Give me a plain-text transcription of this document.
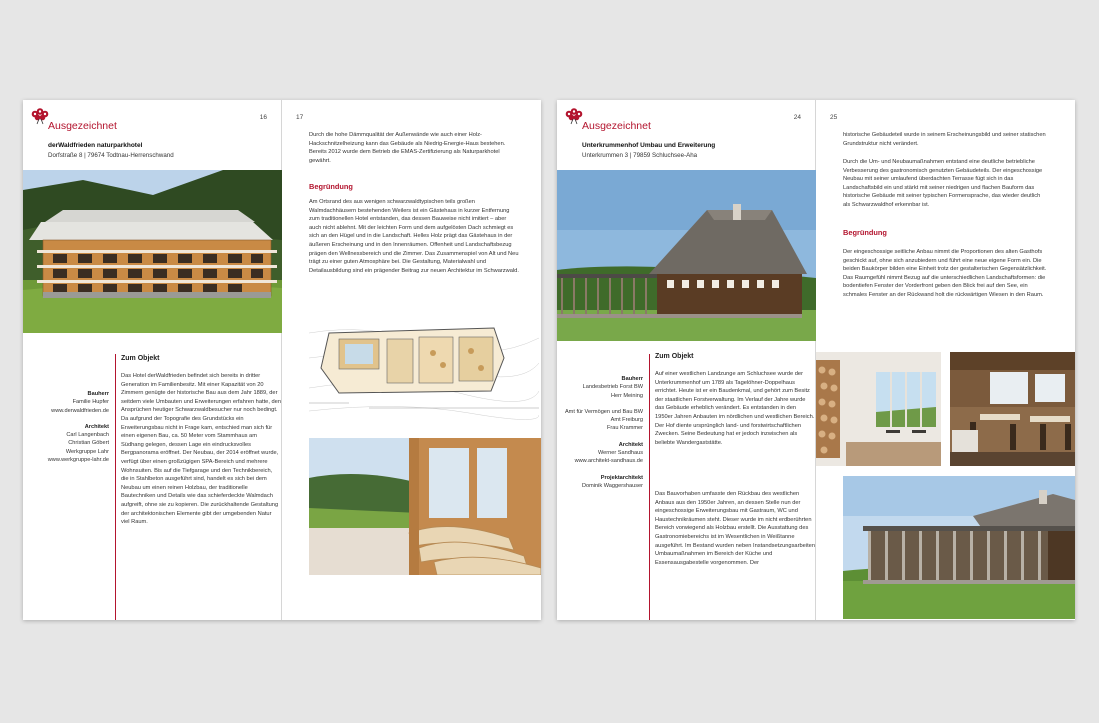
Ausgezeichnet
16
derWaldfrieden naturparkhotel
Dorfstraße 8 | 79674 Todtnau-Herrenschwand
Bauherr
Familie Hupfer
www.derwaldfrieden.de
Architekt
Carl Langenbach
Christian Göbert
Werkgruppe Lahr
www.werkgruppe-lahr.de
Zum Objekt
Das Hotel derWaldfrieden befindet sich bereits in dritter Generation im Familienbesitz. Mit einer Kapazität von 20 Zimmern genügte der historische Bau aus dem Jahr 1889, der seitdem viele Umbauten und Erweiterungen erfahren hatte, den Ansprüchen heutiger Schwarzwaldbesucher nur noch bedingt. Da aufgrund der Topografie des Grundstücks ein Erweiterungsbau nicht in Frage kam, entschied man sich für einen eigenen Bau, ca. 50 Meter vom Stammhaus am Südhang gelegen, dessen Lage ein eindrucksvolles Bergpanorama eröffnet. Der Neubau, der 2014 eröffnet wurde, verfügt über einen großzügigen SPA-Bereich und mehrere Wohnsuiten. Bis auf die Tiefgarage und den Technikbereich, die in Stahlbeton ausgeführt sind, handelt es sich bei dem Neubau um einen reinen Holzbau, der traditionelle Bautechniken und Details wie das schieferdeckte Walmdach aufgreift, ohne sie zu kopieren. Die zurückhaltende Gestaltung der architektonischen Elemente gibt der umgebenden Natur viel Raum.
17
Durch die hohe Dämmqualität der Außenwände wie auch einer Holz-Hackschnitzelheizung kann das Gebäude als Niedrig-Energie-Haus bestehen. Bereits 2012 wurde dem Betrieb die EMAS-Zertifizierung als Naturparkhotel gewährt.
Begründung
Am Ortsrand des aus wenigen schwarzwaldtypischen teils großen Walmdachhäusern bestehenden Weilers ist ein Gästehaus in kurzer Entfernung zum traditionellen Hotel entstanden, das dessen Bauweise nicht imitiert – aber auch nicht ablehnt. Mit der leichten Form und dem aufgelösten Dach schmiegt es sich an den Hügel und in die Landschaft. Helles Holz prägt das Gästehaus in der äußeren Erscheinung und in den Innenräumen. Offenheit und Landschaftsbezug prägen den Wellnessbereich und die Zimmer. Das Zusammenspiel von Alt und Neu trägt zu einer guten Atmosphäre bei. Die Gestaltung, Materialwahl und Detailausbildung sind ein prägender Beitrag zur neuen Architektur im Schwarzwald.
Ausgezeichnet
24
Unterkrummenhof Umbau und Erweiterung
Unterkrummen 3 | 79859 Schluchsee-Aha
Bauherr
Landesbetrieb Forst BW
Herr Meining
Amt für Vermögen und Bau BW
Amt Freiburg
Frau Krammer
Architekt
Werner Sandhaus
www.architekt-sandhaus.de
Projektarchitekt
Dominik Waggershauser
Zum Objekt
Auf einer westlichen Landzunge am Schluchsee wurde der Unterkrummenhof um 1789 als Tagelöhner-Doppelhaus errichtet. Heute ist er ein Baudenkmal, und gehört zum Besitz der staatlichen Forstverwaltung. Im Verlauf der Jahre wurde das Gebäude erheblich verändert. Es entstanden in den 1950er Jahren Anbauten im nördlichen und westlichen Bereich. Der Hof diente ursprünglich land- und forstwirtschaftlichen Zwecken. Seine Bedeutung hat er jedoch inzwischen als beliebte Wandergaststätte.
Das Bauvorhaben umfasste den Rückbau des westlichen Anbaus aus den 1950er Jahren, an dessen Stelle nun der eingeschossige Erweiterungsbau mit Gastraum, WC und Haustechnikräumen steht. Dieser wurde im nicht erdberührten Bereich vorwiegend als Holzbau erstellt. Die Ausstattung des Gastronomiebereichs ist im Wesentlichen in Weißtanne ausgeführt. Im Bestand wurden neben Instandsetzungsarbeiten Umbaumaßnahmen im Bereich der Küche und Essensausgabestelle vorgenommen. Der
25
historische Gebäudeteil wurde in seinem Erscheinungsbild und seiner statischen Grundstruktur nicht verändert.
Durch die Um- und Neubaumaßnahmen entstand eine deutliche betriebliche Verbesserung des gastronomisch genutzten Gebäudeteils. Der eingeschossige Neubau mit seiner umlaufend überdachten Terrasse fügt sich in das Landschaftsbild ein und stärkt mit seiner niedrigen und flachen Bauform das historische Gebäude mit seiner typischen Formensprache, das wieder deutlich als Schwarzwaldhof erkennbar ist.
Begründung
Der eingeschossige seitliche Anbau nimmt die Proportionen des alten Gasthofs geschickt auf, ohne sich anzubiedern und führt eine neue eigene Form ein. Die beiden Baukörper bilden eine Einheit trotz der gestalterischen Gegensätzlichkeit. Das Raumgefühl nimmt Bezug auf die unterschiedlichen Landschaftsformen: die bodentiefen Fenster der Vorderfront geben den Blick frei auf den See, ein schmales Fenster an der Rückwand holt die rückwärtigen Wiesen in den Raum.
